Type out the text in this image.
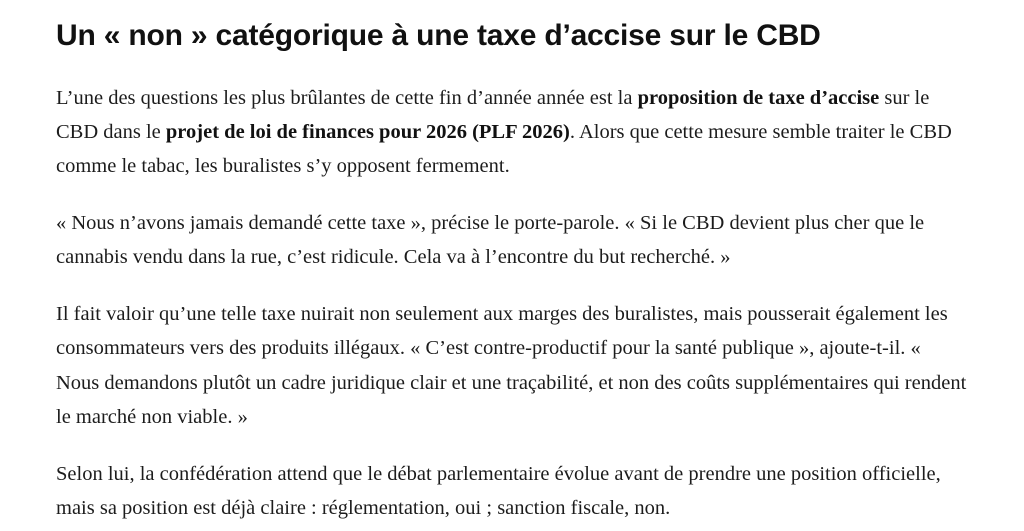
Un « non » catégorique à une taxe d’accise sur le CBD

L’une des questions les plus brûlantes de cette fin d’année année est la proposition de taxe d’accise sur le CBD dans le projet de loi de finances pour 2026 (PLF 2026). Alors que cette mesure semble traiter le CBD comme le tabac, les buralistes s’y opposent fermement.

« Nous n’avons jamais demandé cette taxe », précise le porte-parole. « Si le CBD devient plus cher que le cannabis vendu dans la rue, c’est ridicule. Cela va à l’encontre du but recherché. »

Il fait valoir qu’une telle taxe nuirait non seulement aux marges des buralistes, mais pousserait également les consommateurs vers des produits illégaux. « C’est contre-productif pour la santé publique », ajoute-t-il. « Nous demandons plutôt un cadre juridique clair et une traçabilité, et non des coûts supplémentaires qui rendent le marché non viable. »

Selon lui, la confédération attend que le débat parlementaire évolue avant de prendre une position officielle, mais sa position est déjà claire : réglementation, oui ; sanction fiscale, non.
